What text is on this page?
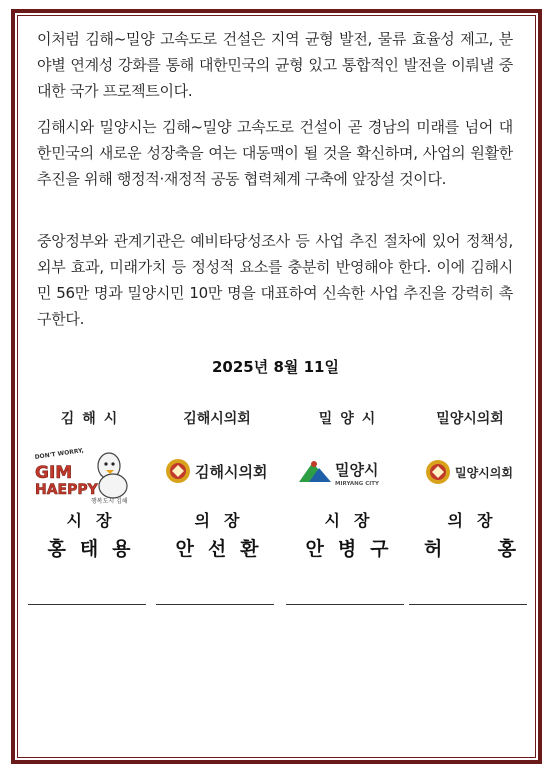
이처럼 김해~밀양 고속도로 건설은 지역 균형 발전, 물류 효율성 제고, 분야별 연계성 강화를 통해 대한민국의 균형 있고 통합적인 발전을 이뤄낼 중대한 국가 프로젝트이다.

김해시와 밀양시는 김해~밀양 고속도로 건설이 곧 경남의 미래를 넘어 대한민국의 새로운 성장축을 여는 대동맥이 될 것을 확신하며, 사업의 원활한 추진을 위해 행정적·재정적 공동 협력체계 구축에 앞장설 것이다.

중앙정부와 관계기관은 예비타당성조사 등 사업 추진 절차에 있어 정책성, 외부 효과, 미래가치 등 정성적 요소를 충분히 반영해야 한다. 이에 김해시민 56만 명과 밀양시민 10만 명을 대표하여 신속한 사업 추진을 강력히 촉구한다.

2025년 8월 11일
김해시
DON'T WORRY,
GIM
HAEPPY
행복도시 김해
시장
홍태용
김해시의회
김해시의회
의장
안선환
밀양시
밀양시
MIRYANG CITY
시장
안병구
밀양시의회
밀양시의회
의장
허  홍
